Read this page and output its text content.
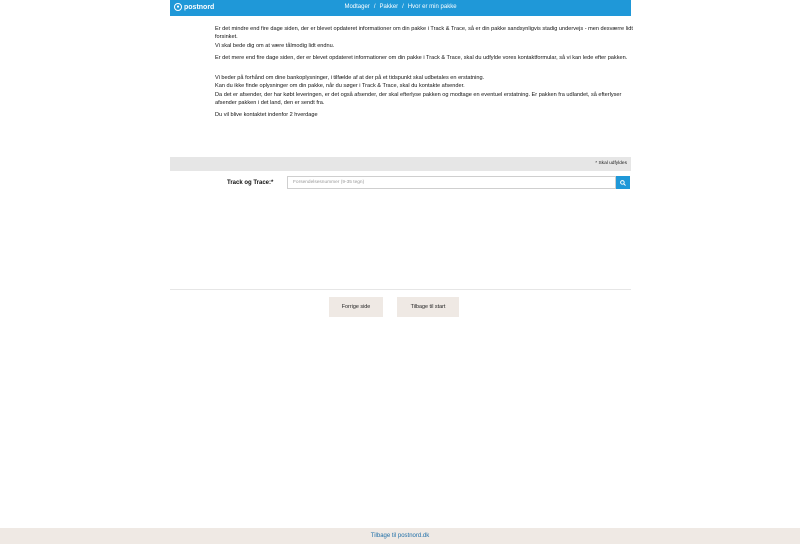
● postnord	Modtager / Pakker / Hvor er min pakke

Er det mindre end fire dage siden, der er blevet opdateret informationer om din pakke i Track & Trace, så er din pakke sandsynligvis stadig undervejs - men desværre lidt forsinket.
Vi skal bede dig om at være tålmodig lidt endnu.

Er det mere end fire dage siden, der er blevet opdateret informationer om din pakke i Track & Trace, skal du udfylde vores kontaktformular, så vi kan lede efter pakken.

Vi beder på forhånd om dine bankoplysninger, i tilfælde af at der på et tidspunkt skal udbetales en erstatning.
Kan du ikke finde oplysninger om din pakke, når du søger i Track & Trace, skal du kontakte afsender.
Da det er afsender, der har købt leveringen, er det også afsender, der skal efterlyse pakken og modtage en eventuel erstatning. Er pakken fra udlandet, så efterlyser afsender pakken i det land, den er sendt fra.

Du vil blive kontaktet indenfor 2 hverdage

* Skal udfyldes
Track og Trace:*	Forsendelsesnummer (9-35 tegn)
Forrige side	Tilbage til start
Tilbage til postnord.dk
